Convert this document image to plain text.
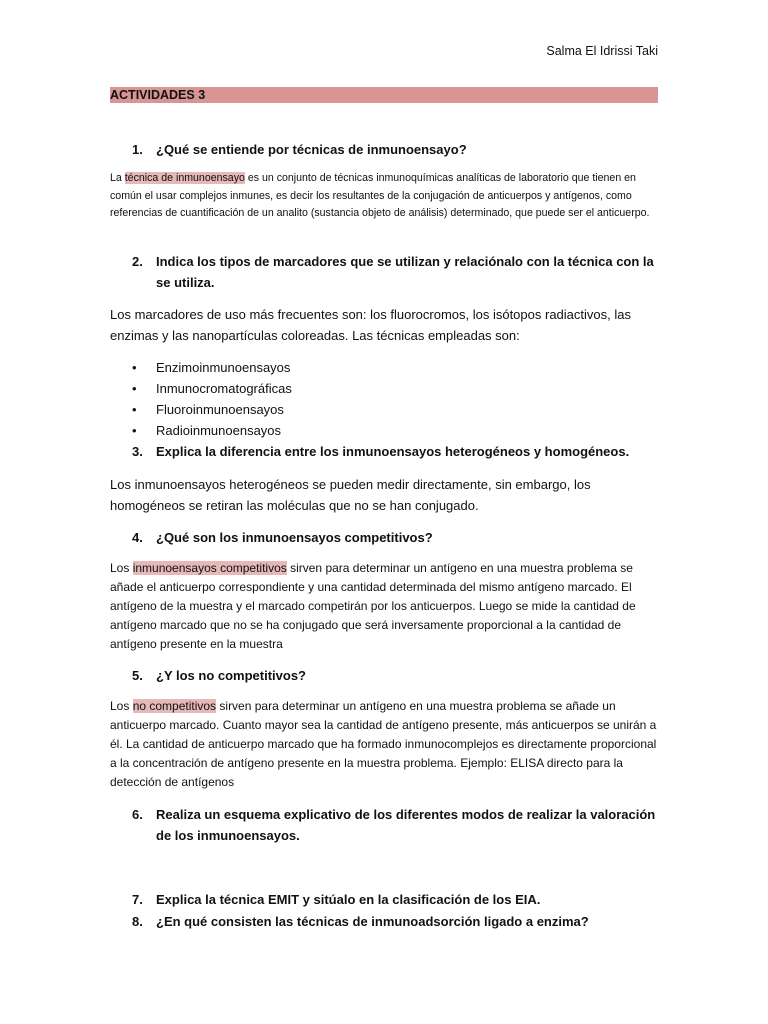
Salma El Idrissi Taki
ACTIVIDADES 3
1. ¿Qué se entiende por técnicas de inmunoensayo?
La técnica de inmunoensayo es un conjunto de técnicas inmunoquímicas analíticas de laboratorio que tienen en común el usar complejos inmunes, es decir los resultantes de la conjugación de anticuerpos y antígenos, como referencias de cuantificación de un analito (sustancia objeto de análisis) determinado, que puede ser el anticuerpo.
2. Indica los tipos de marcadores que se utilizan y relaciónalo con la técnica con la se utiliza.
Los marcadores de uso más frecuentes son: los fluorocromos, los isótopos radiactivos, las enzimas y las nanopartículas coloreadas. Las técnicas empleadas son:
• Enzimoinmunoensayos
• Inmunocromatográficas
• Fluoroinmunoensayos
• Radioinmunoensayos
3. Explica la diferencia entre los inmunoensayos heterogéneos y homogéneos.
Los inmunoensayos heterogéneos se pueden medir directamente, sin embargo, los homogéneos se retiran las moléculas que no se han conjugado.
4. ¿Qué son los inmunoensayos competitivos?
Los inmunoensayos competitivos sirven para determinar un antígeno en una muestra problema se añade el anticuerpo correspondiente y una cantidad determinada del mismo antígeno marcado. El antígeno de la muestra y el marcado competirán por los anticuerpos. Luego se mide la cantidad de antígeno marcado que no se ha conjugado que será inversamente proporcional a la cantidad de antígeno presente en la muestra
5. ¿Y los no competitivos?
Los no competitivos sirven para determinar un antígeno en una muestra problema se añade un anticuerpo marcado. Cuanto mayor sea la cantidad de antígeno presente, más anticuerpos se unirán a él. La cantidad de anticuerpo marcado que ha formado inmunocomplejos es directamente proporcional a la concentración de antígeno presente en la muestra problema. Ejemplo: ELISA directo para la detección de antígenos
6. Realiza un esquema explicativo de los diferentes modos de realizar la valoración de los inmunoensayos.
7. Explica la técnica EMIT y sitúalo en la clasificación de los EIA.
8. ¿En qué consisten las técnicas de inmunoadsorción ligado a enzima?
